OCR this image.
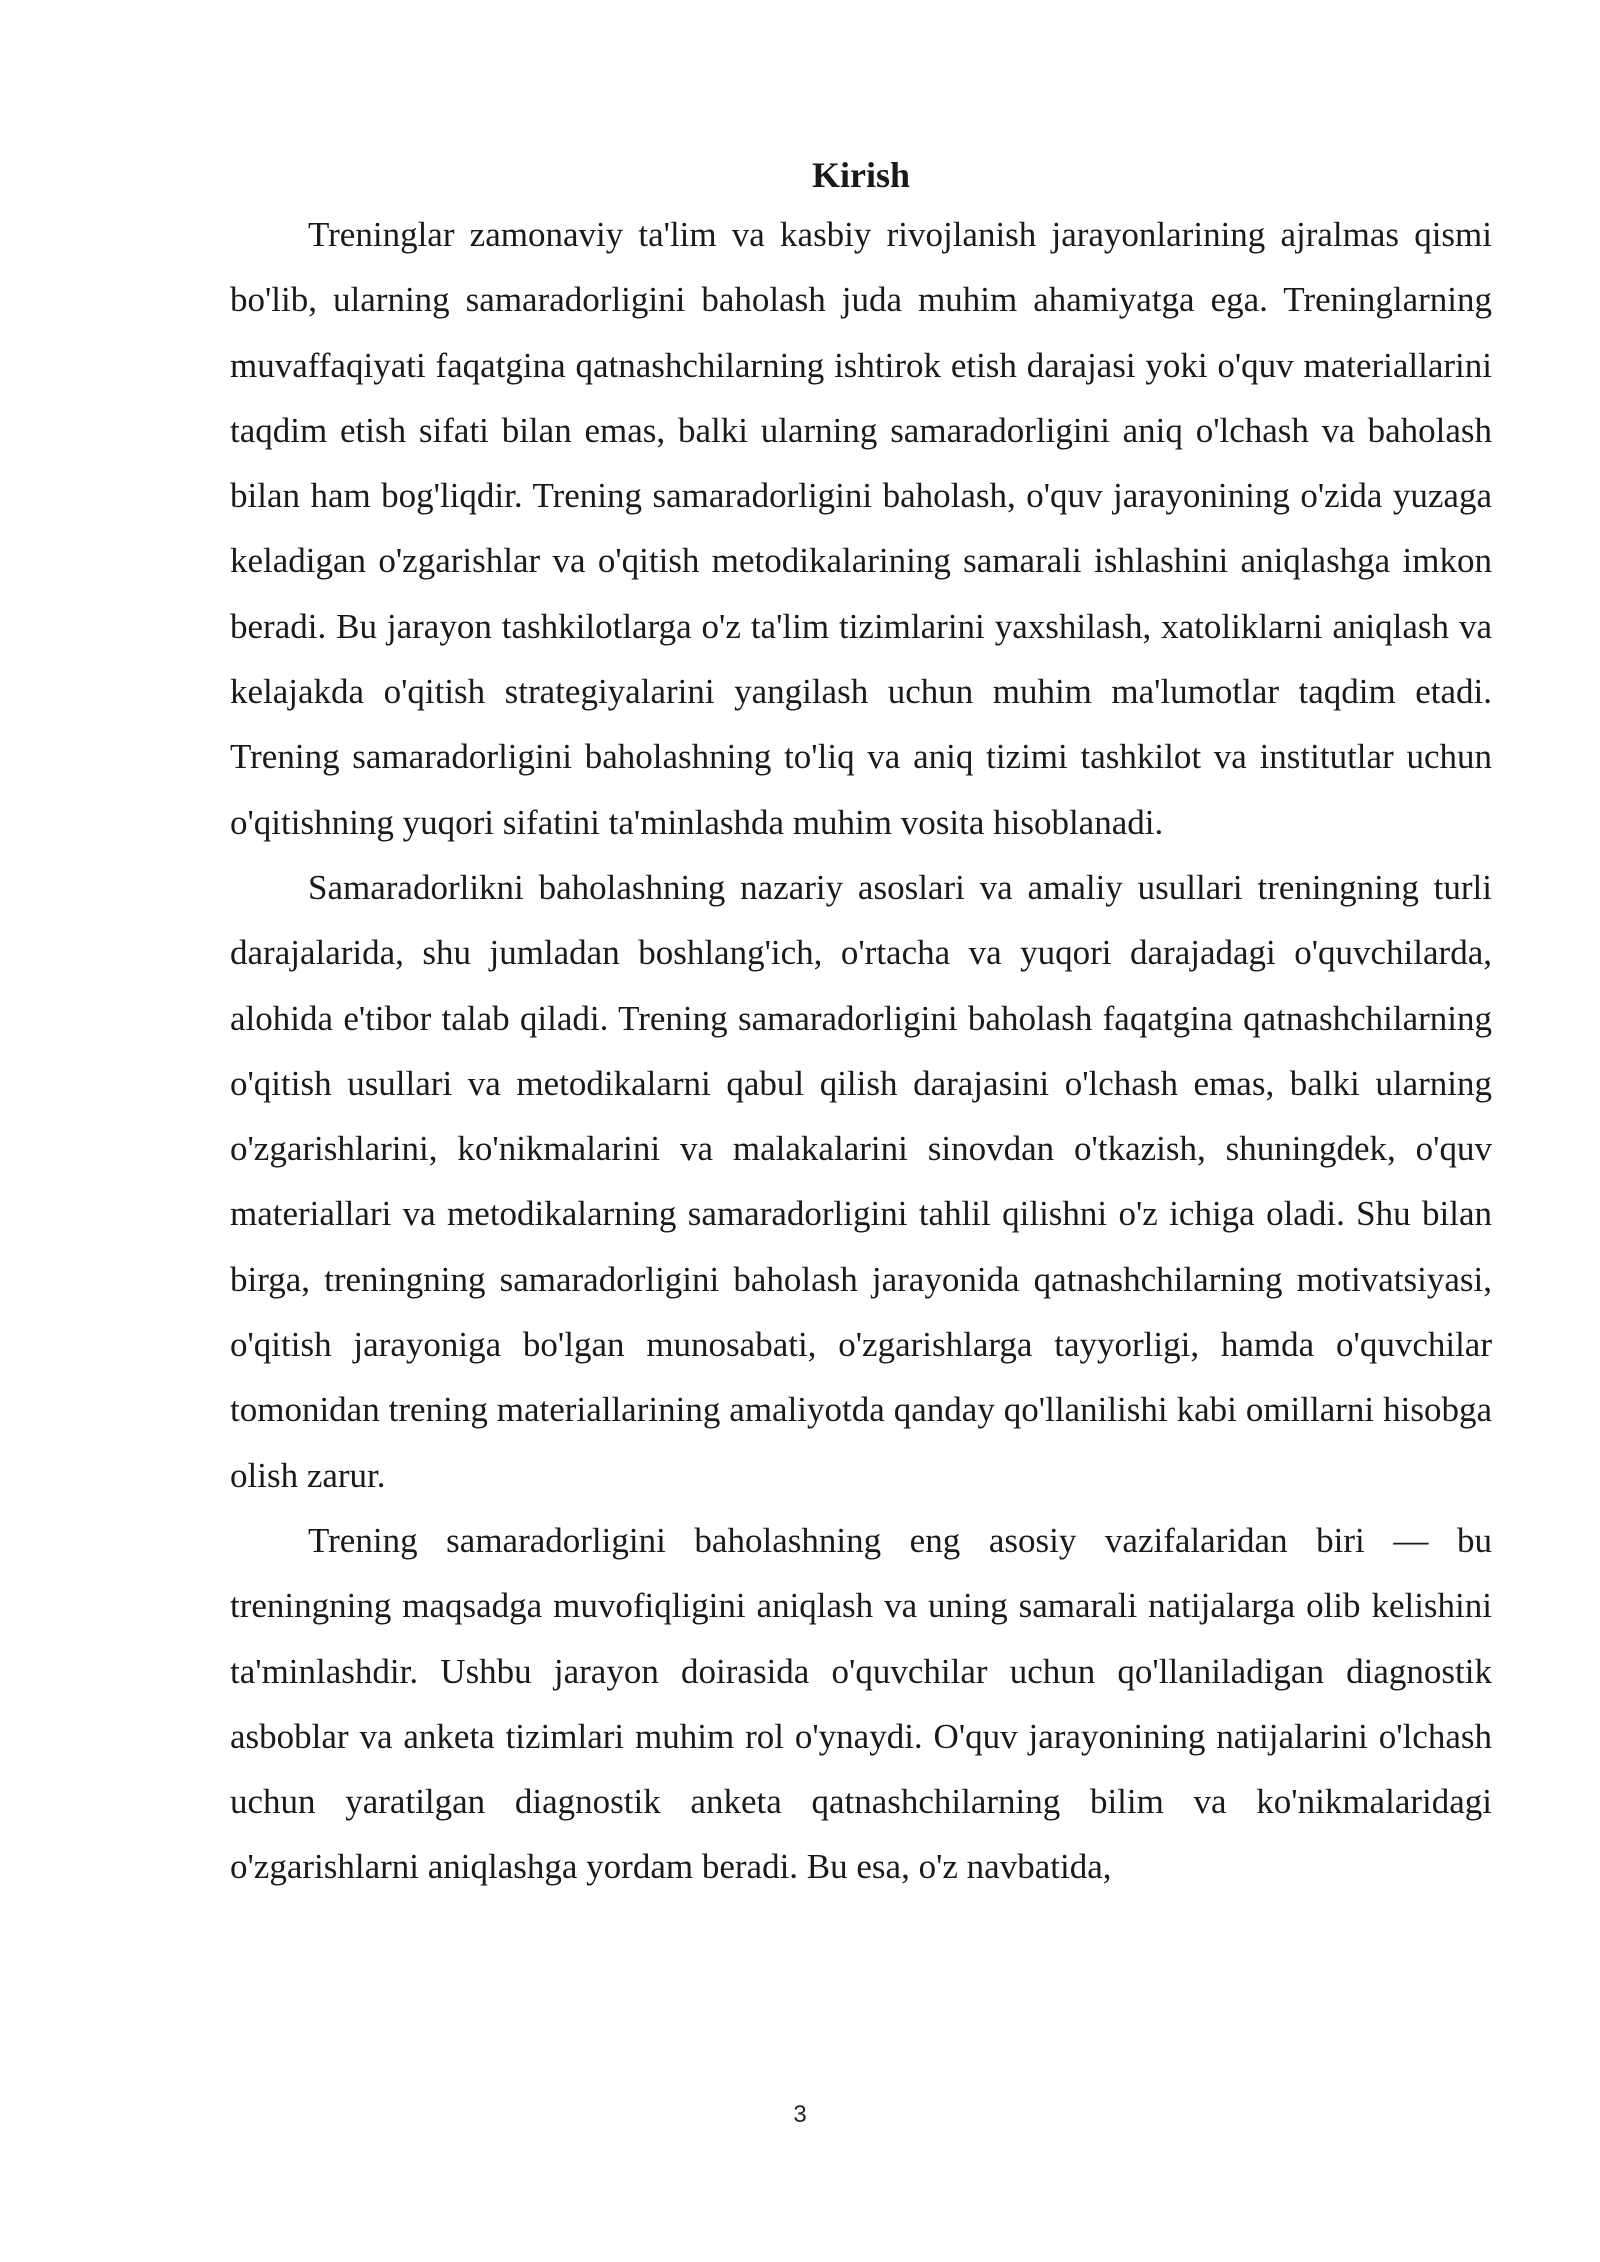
Kirish

Treninglar zamonaviy ta'lim va kasbiy rivojlanish jarayonlarining ajralmas qismi bo'lib, ularning samaradorligini baholash juda muhim ahamiyatga ega. Treninglarning muvaffaqiyati faqatgina qatnashchilarning ishtirok etish darajasi yoki o'quv materiallarini taqdim etish sifati bilan emas, balki ularning samaradorligini aniq o'lchash va baholash bilan ham bog'liqdir. Trening samaradorligini baholash, o'quv jarayonining o'zida yuzaga keladigan o'zgarishlar va o'qitish metodikalarining samarali ishlashini aniqlashga imkon beradi. Bu jarayon tashkilotlarga o'z ta'lim tizimlarini yaxshilash, xatoliklarni aniqlash va kelajakda o'qitish strategiyalarini yangilash uchun muhim ma'lumotlar taqdim etadi. Trening samaradorligini baholashning to'liq va aniq tizimi tashkilot va institutlar uchun o'qitishning yuqori sifatini ta'minlashda muhim vosita hisoblanadi.

Samaradorlikni baholashning nazariy asoslari va amaliy usullari treningning turli darajalarida, shu jumladan boshlang'ich, o'rtacha va yuqori darajadagi o'quvchilarda, alohida e'tibor talab qiladi. Trening samaradorligini baholash faqatgina qatnashchilarning o'qitish usullari va metodikalarni qabul qilish darajasini o'lchash emas, balki ularning o'zgarishlarini, ko'nikmalarini va malakalarini sinovdan o'tkazish, shuningdek, o'quv materiallari va metodikalarning samaradorligini tahlil qilishni o'z ichiga oladi. Shu bilan birga, treningning samaradorligini baholash jarayonida qatnashchilarning motivatsiyasi, o'qitish jarayoniga bo'lgan munosabati, o'zgarishlarga tayyorligi, hamda o'quvchilar tomonidan trening materiallarining amaliyotda qanday qo'llanilishi kabi omillarni hisobga olish zarur.

Trening samaradorligini baholashning eng asosiy vazifalaridan biri — bu treningning maqsadga muvofiqligini aniqlash va uning samarali natijalarga olib kelishini ta'minlashdir. Ushbu jarayon doirasida o'quvchilar uchun qo'llaniladigan diagnostik asboblar va anketa tizimlari muhim rol o'ynaydi. O'quv jarayonining natijalarini o'lchash uchun yaratilgan diagnostik anketa qatnashchilarning bilim va ko'nikmalaridagi o'zgarishlarni aniqlashga yordam beradi. Bu esa, o'z navbatida,

3
